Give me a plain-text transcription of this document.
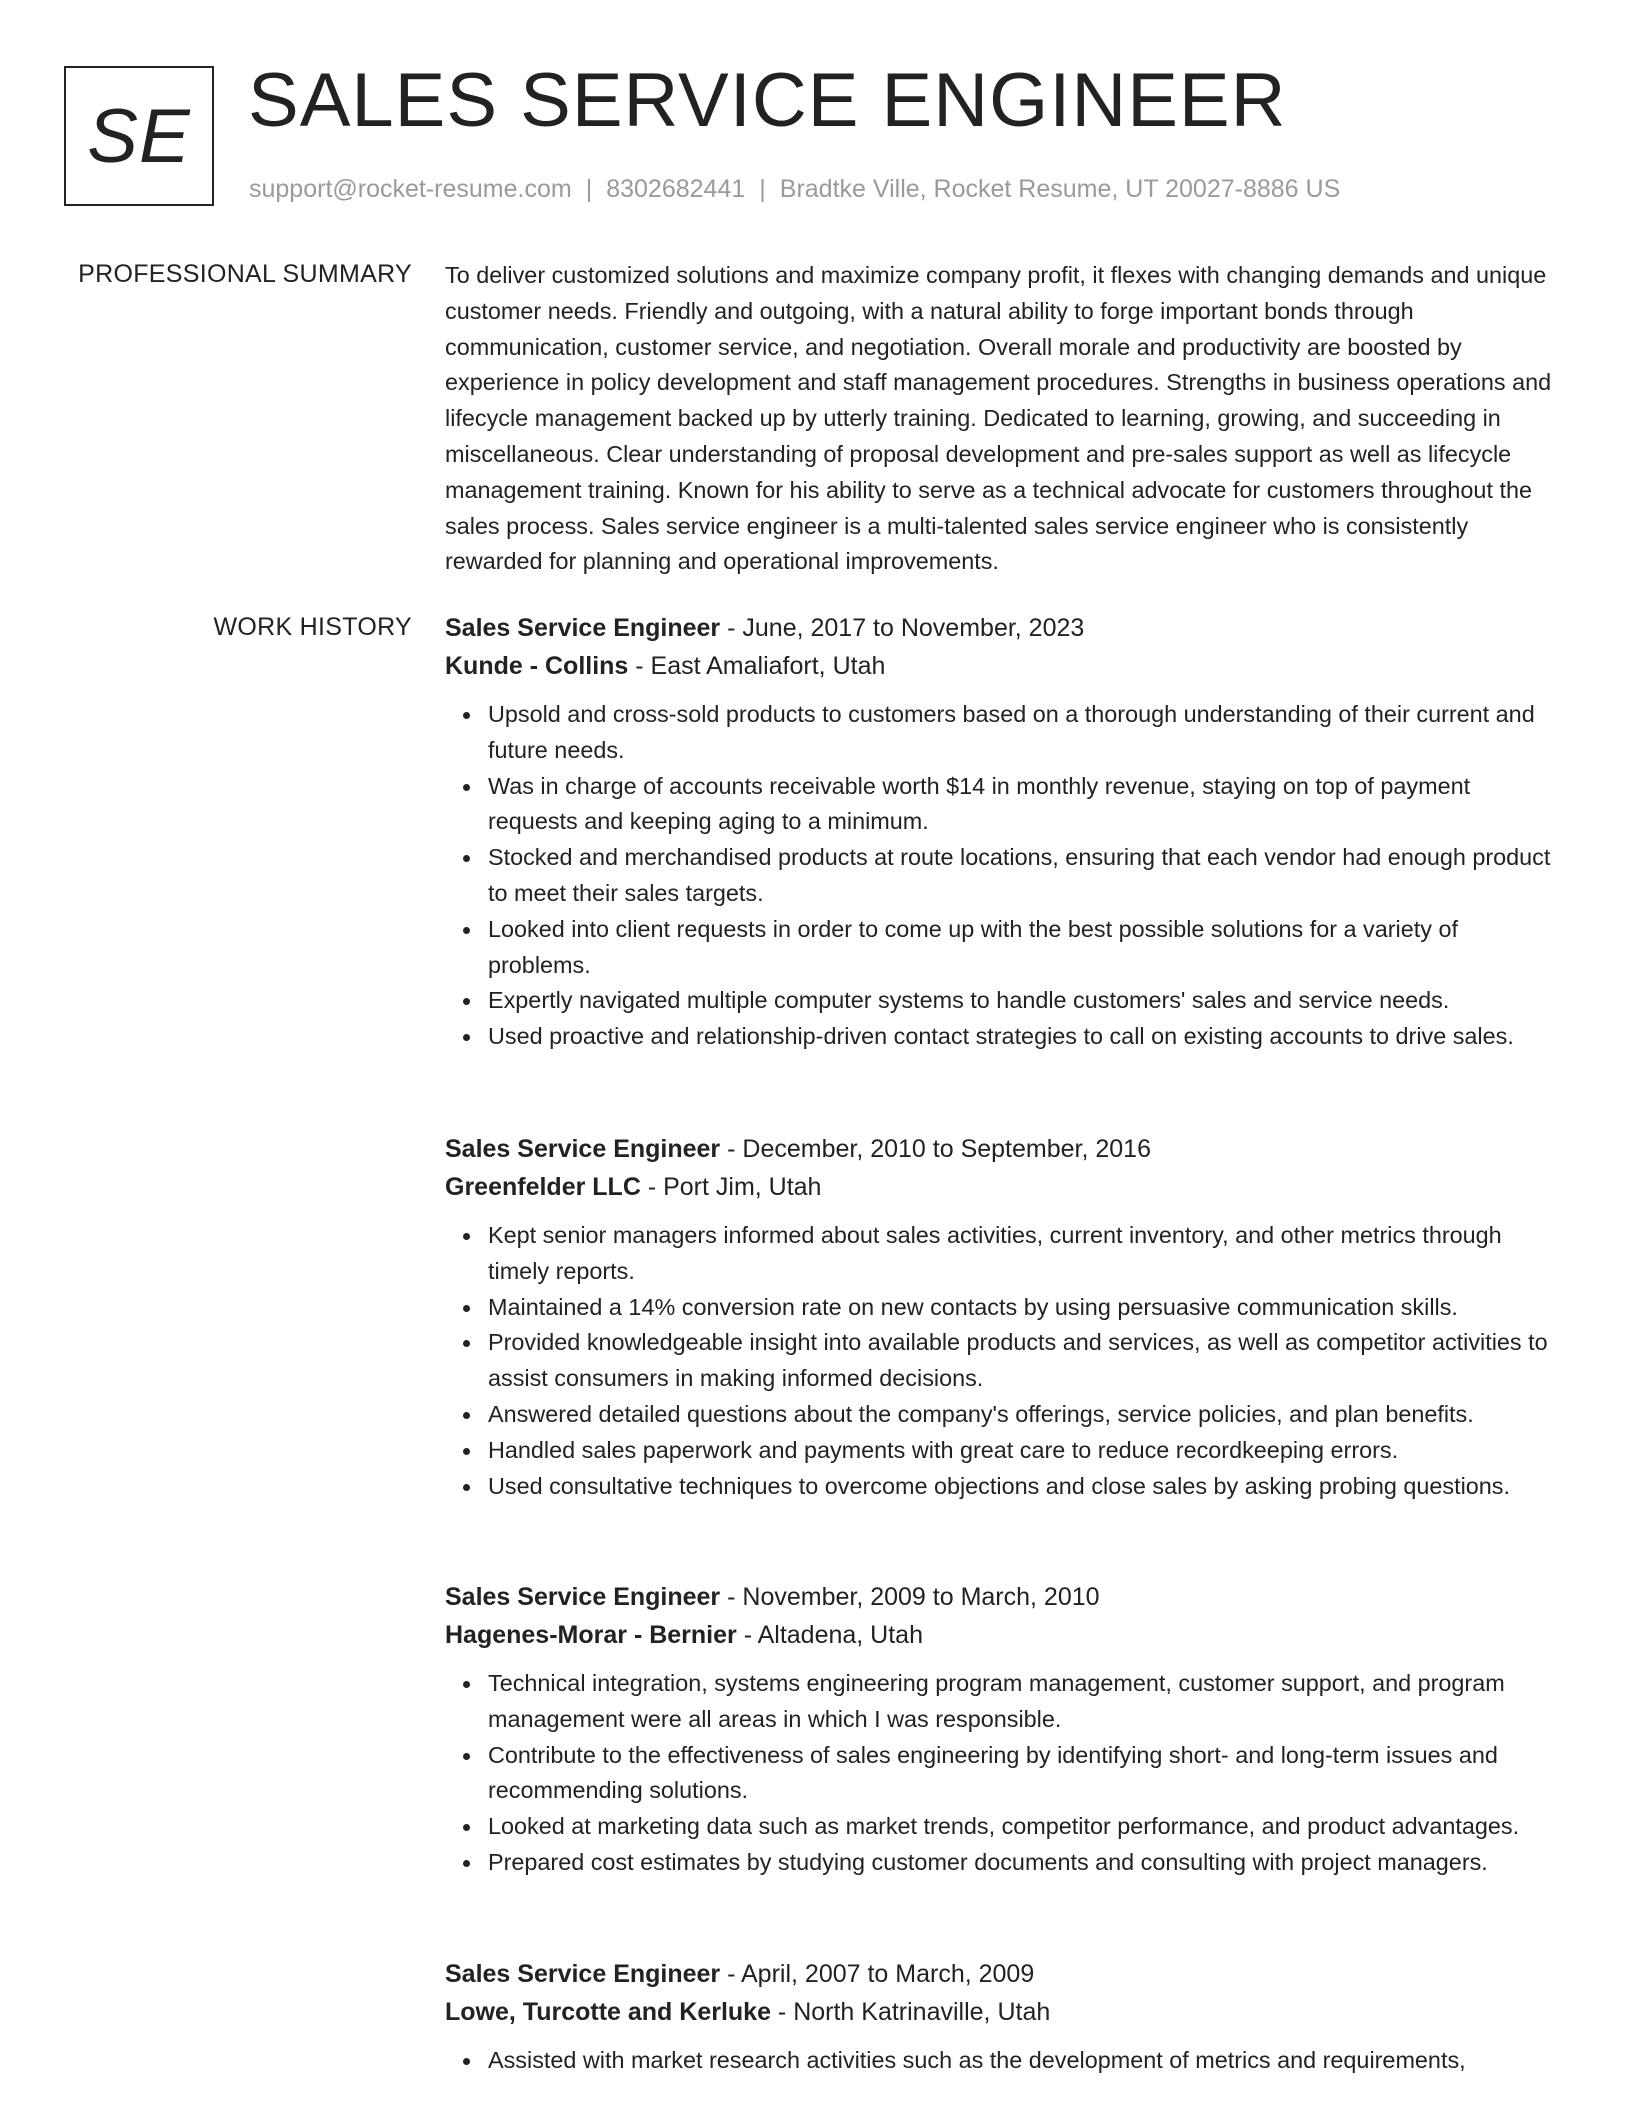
SE SALES SERVICE ENGINEER
support@rocket-resume.com | 8302682441 | Bradtke Ville, Rocket Resume, UT 20027-8886 US
PROFESSIONAL SUMMARY To deliver customized solutions and maximize company profit, it flexes with changing demands and unique customer needs. Friendly and outgoing, with a natural ability to forge important bonds through communication, customer service, and negotiation. Overall morale and productivity are boosted by experience in policy development and staff management procedures. Strengths in business operations and lifecycle management backed up by utterly training. Dedicated to learning, growing, and succeeding in miscellaneous. Clear understanding of proposal development and pre-sales support as well as lifecycle management training. Known for his ability to serve as a technical advocate for customers throughout the sales process. Sales service engineer is a multi-talented sales service engineer who is consistently rewarded for planning and operational improvements.

WORK HISTORY Sales Service Engineer - June, 2017 to November, 2023
Kunde - Collins - East Amaliafort, Utah
Upsold and cross-sold products to customers based on a thorough understanding of their current and future needs.
Was in charge of accounts receivable worth $14 in monthly revenue, staying on top of payment requests and keeping aging to a minimum.
Stocked and merchandised products at route locations, ensuring that each vendor had enough product to meet their sales targets.
Looked into client requests in order to come up with the best possible solutions for a variety of problems.
Expertly navigated multiple computer systems to handle customers' sales and service needs.
Used proactive and relationship-driven contact strategies to call on existing accounts to drive sales.
Sales Service Engineer - December, 2010 to September, 2016
Greenfelder LLC - Port Jim, Utah
Kept senior managers informed about sales activities, current inventory, and other metrics through timely reports.
Maintained a 14% conversion rate on new contacts by using persuasive communication skills.
Provided knowledgeable insight into available products and services, as well as competitor activities to assist consumers in making informed decisions.
Answered detailed questions about the company's offerings, service policies, and plan benefits.
Handled sales paperwork and payments with great care to reduce recordkeeping errors.
Used consultative techniques to overcome objections and close sales by asking probing questions.
Sales Service Engineer - November, 2009 to March, 2010
Hagenes-Morar - Bernier - Altadena, Utah
Technical integration, systems engineering program management, customer support, and program management were all areas in which I was responsible.
Contribute to the effectiveness of sales engineering by identifying short- and long-term issues and recommending solutions.
Looked at marketing data such as market trends, competitor performance, and product advantages.
Prepared cost estimates by studying customer documents and consulting with project managers.
Sales Service Engineer - April, 2007 to March, 2009
Lowe, Turcotte and Kerluke - North Katrinaville, Utah
Assisted with market research activities such as the development of metrics and requirements,
